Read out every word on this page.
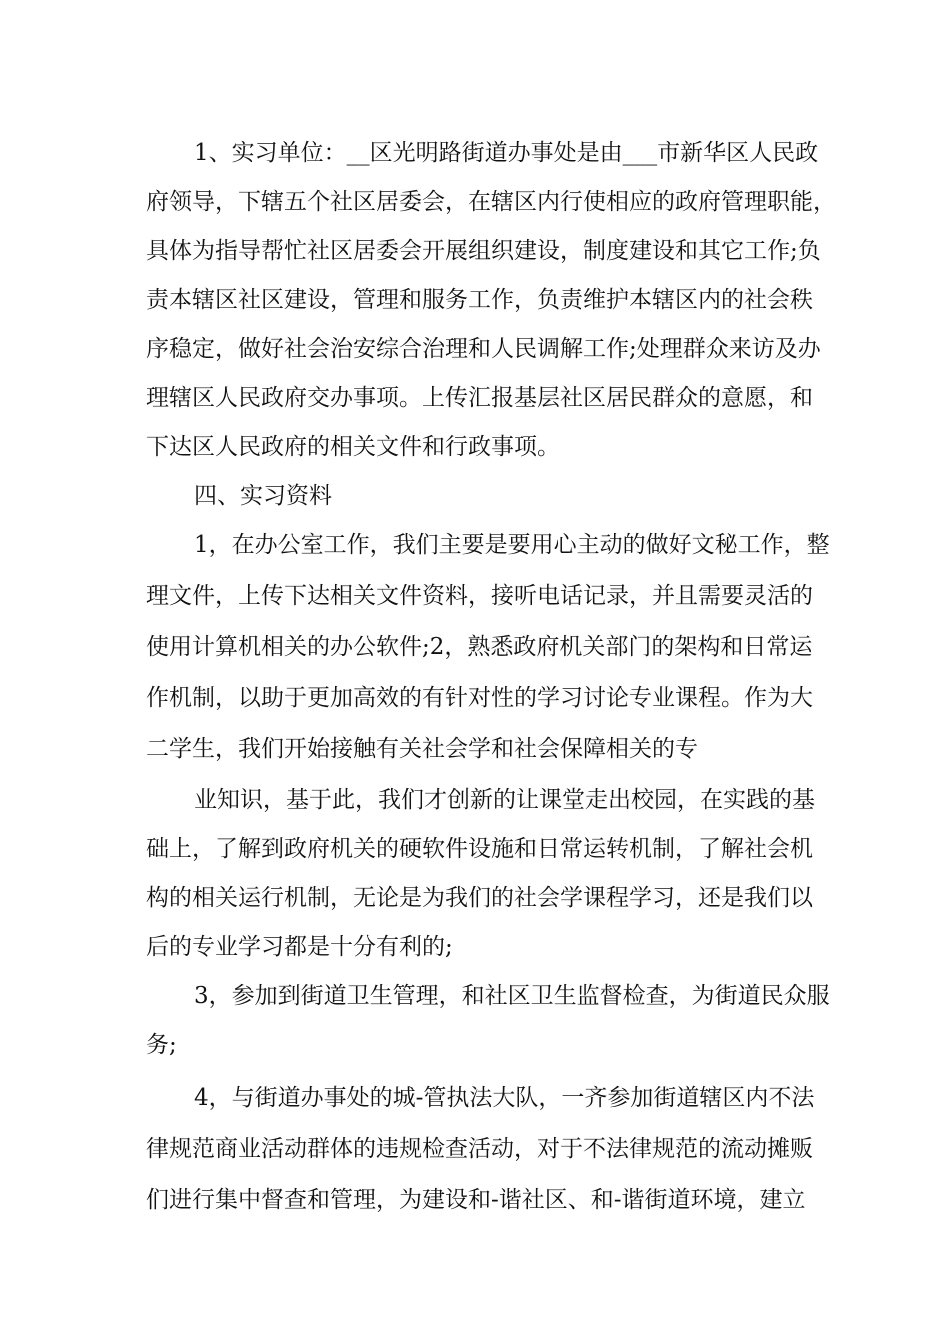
1、实习单位：__区光明路街道办事处是由___市新华区人民政
府领导，下辖五个社区居委会，在辖区内行使相应的政府管理职能，
具体为指导帮忙社区居委会开展组织建设，制度建设和其它工作;负
责本辖区社区建设，管理和服务工作，负责维护本辖区内的社会秩
序稳定，做好社会治安综合治理和人民调解工作;处理群众来访及办
理辖区人民政府交办事项。上传汇报基层社区居民群众的意愿，和
下达区人民政府的相关文件和行政事项。
四、实习资料
1，在办公室工作，我们主要是要用心主动的做好文秘工作，整
理文件，上传下达相关文件资料，接听电话记录，并且需要灵活的
使用计算机相关的办公软件;2，熟悉政府机关部门的架构和日常运
作机制，以助于更加高效的有针对性的学习讨论专业课程。作为大
二学生，我们开始接触有关社会学和社会保障相关的专
业知识，基于此，我们才创新的让课堂走出校园，在实践的基
础上，了解到政府机关的硬软件设施和日常运转机制，了解社会机
构的相关运行机制，无论是为我们的社会学课程学习，还是我们以
后的专业学习都是十分有利的;
3，参加到街道卫生管理，和社区卫生监督检查，为街道民众服
务;
4，与街道办事处的城-管执法大队，一齐参加街道辖区内不法
律规范商业活动群体的违规检查活动，对于不法律规范的流动摊贩
们进行集中督查和管理，为建设和-谐社区、和-谐街道环境，建立
